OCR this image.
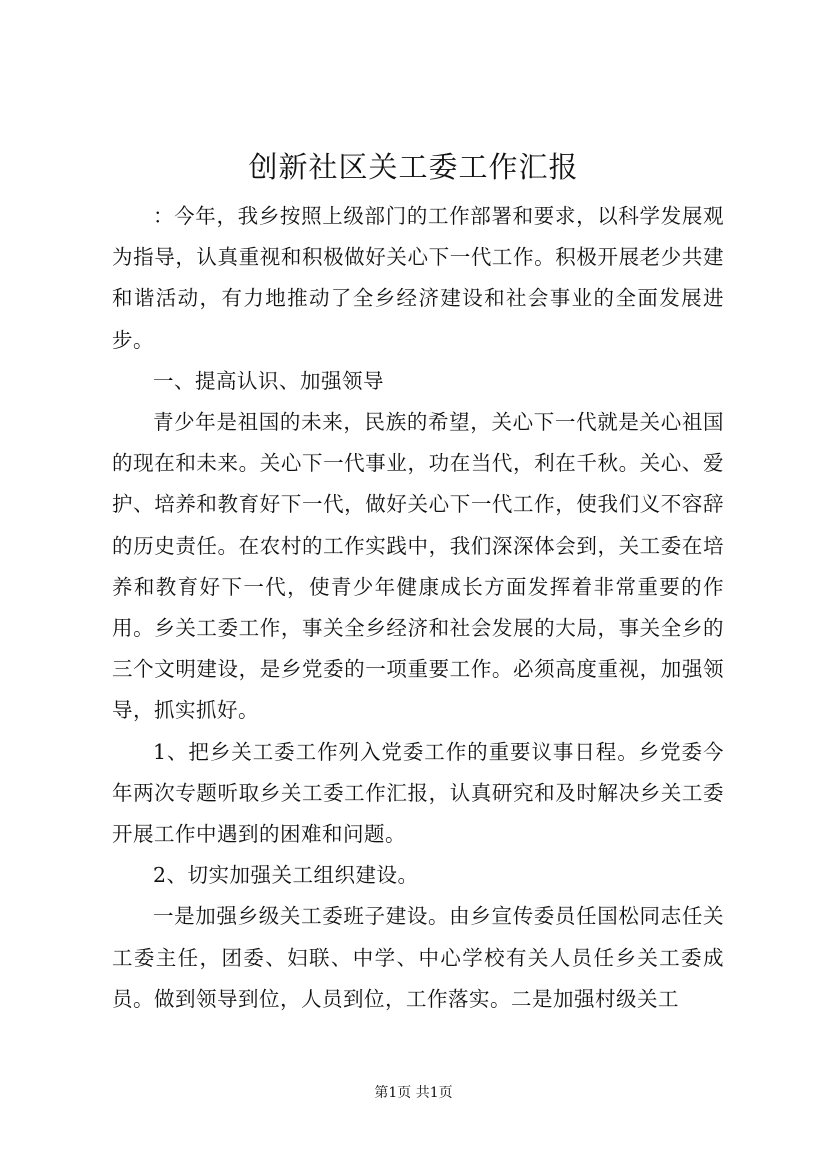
创新社区关工委工作汇报

：今年，我乡按照上级部门的工作部署和要求，以科学发展观为指导，认真重视和积极做好关心下一代工作。积极开展老少共建和谐活动，有力地推动了全乡经济建设和社会事业的全面发展进步。

一、提高认识、加强领导

青少年是祖国的未来，民族的希望，关心下一代就是关心祖国的现在和未来。关心下一代事业，功在当代，利在千秋。关心、爱护、培养和教育好下一代，做好关心下一代工作，使我们义不容辞的历史责任。在农村的工作实践中，我们深深体会到，关工委在培养和教育好下一代，使青少年健康成长方面发挥着非常重要的作用。乡关工委工作，事关全乡经济和社会发展的大局，事关全乡的三个文明建设，是乡党委的一项重要工作。必须高度重视，加强领导，抓实抓好。

1、把乡关工委工作列入党委工作的重要议事日程。乡党委今年两次专题听取乡关工委工作汇报，认真研究和及时解决乡关工委开展工作中遇到的困难和问题。

2、切实加强关工组织建设。

一是加强乡级关工委班子建设。由乡宣传委员任国松同志任关工委主任，团委、妇联、中学、中心学校有关人员任乡关工委成员。做到领导到位，人员到位，工作落实。二是加强村级关工

第1页 共1页
